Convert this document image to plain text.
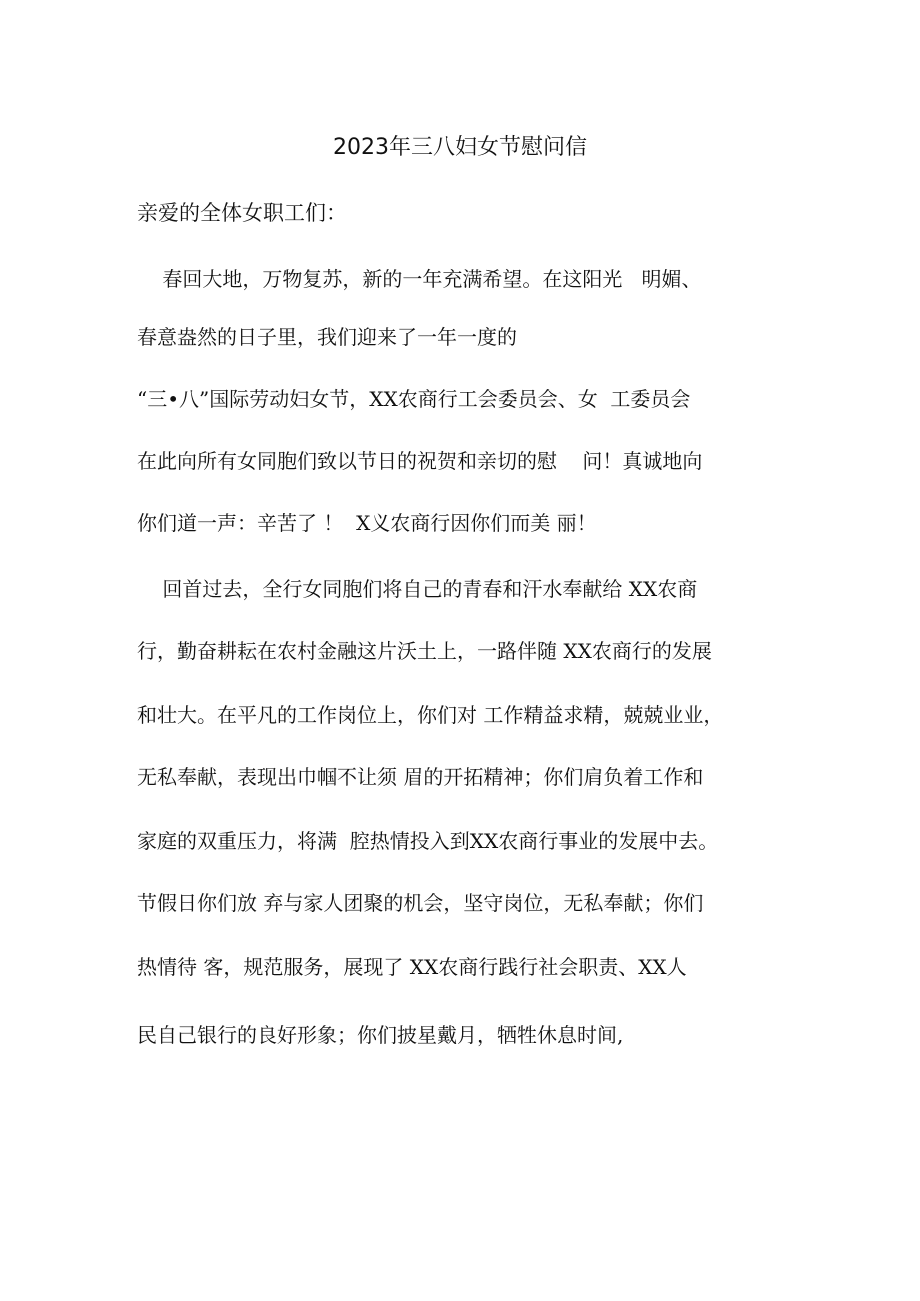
2023年三八妇女节慰问信
亲爱的全体女职工们：
春回大地，万物复苏，新的一年充满希望。在这阳光   明媚、
春意盎然的日子里，我们迎来了一年一度的
“三•八”国际劳动妇女节，XX农商行工会委员会、女  工委员会
在此向所有女同胞们致以节日的祝贺和亲切的慰    问！真诚地向
你们道一声：辛苦了 ！  X义农商行因你们而美 丽！
回首过去，全行女同胞们将自己的青春和汗水奉献给 XX农商
行，勤奋耕耘在农村金融这片沃土上，一路伴随 XX农商行的发展
和壮大。在平凡的工作岗位上，你们对 工作精益求精，兢兢业业，
无私奉献，表现出巾帼不让须 眉的开拓精神；你们肩负着工作和
家庭的双重压力，将满  腔热情投入到XX农商行事业的发展中去。
节假日你们放 弃与家人团聚的机会，坚守岗位，无私奉献；你们
热情待 客，规范服务，展现了 XX农商行践行社会职责、XX人
民自己银行的良好形象；你们披星戴月，牺牲休息时间,
